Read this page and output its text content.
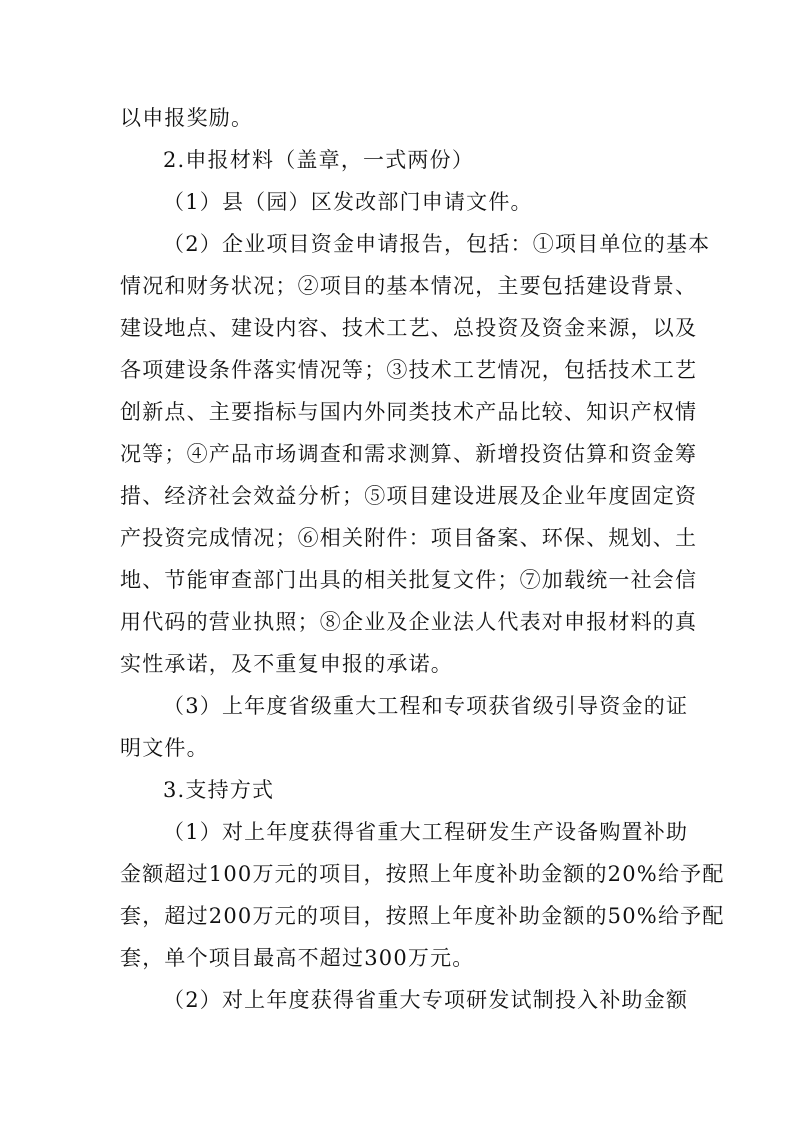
以申报奖励。
2.申报材料（盖章，一式两份）
（1）县（园）区发改部门申请文件。
（2）企业项目资金申请报告，包括：①项目单位的基本
情况和财务状况；②项目的基本情况，主要包括建设背景、
建设地点、建设内容、技术工艺、总投资及资金来源，以及
各项建设条件落实情况等；③技术工艺情况，包括技术工艺
创新点、主要指标与国内外同类技术产品比较、知识产权情
况等；④产品市场调查和需求测算、新增投资估算和资金筹
措、经济社会效益分析；⑤项目建设进展及企业年度固定资
产投资完成情况；⑥相关附件：项目备案、环保、规划、土
地、节能审查部门出具的相关批复文件；⑦加载统一社会信
用代码的营业执照；⑧企业及企业法人代表对申报材料的真
实性承诺，及不重复申报的承诺。
（3）上年度省级重大工程和专项获省级引导资金的证
明文件。
3.支持方式
（1）对上年度获得省重大工程研发生产设备购置补助
金额超过100万元的项目，按照上年度补助金额的20%给予配
套，超过200万元的项目，按照上年度补助金额的50%给予配
套，单个项目最高不超过300万元。
（2）对上年度获得省重大专项研发试制投入补助金额
